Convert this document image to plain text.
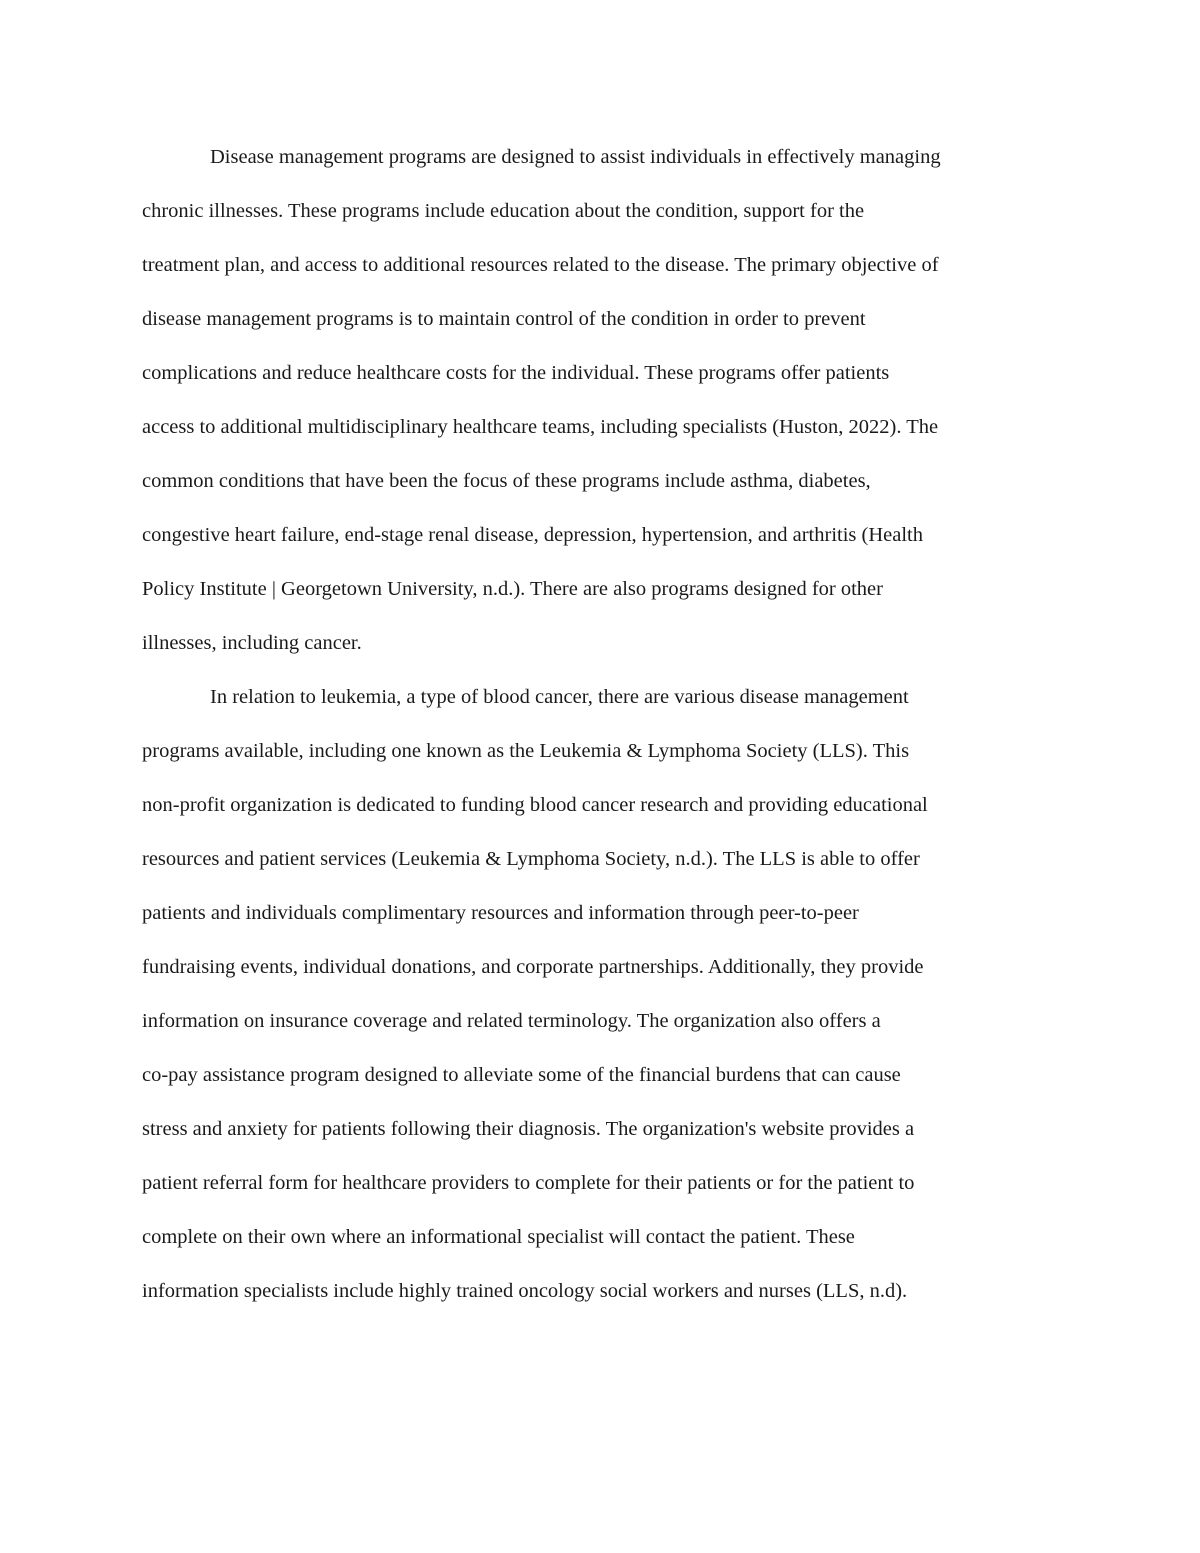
Disease management programs are designed to assist individuals in effectively managing
chronic illnesses. These programs include education about the condition, support for the
treatment plan, and access to additional resources related to the disease. The primary objective of
disease management programs is to maintain control of the condition in order to prevent
complications and reduce healthcare costs for the individual. These programs offer patients
access to additional multidisciplinary healthcare teams, including specialists (Huston, 2022). The
common conditions that have been the focus of these programs include asthma, diabetes,
congestive heart failure, end-stage renal disease, depression, hypertension, and arthritis (Health
Policy Institute | Georgetown University, n.d.). There are also programs designed for other
illnesses, including cancer.
In relation to leukemia, a type of blood cancer, there are various disease management
programs available, including one known as the Leukemia & Lymphoma Society (LLS). This
non-profit organization is dedicated to funding blood cancer research and providing educational
resources and patient services (Leukemia & Lymphoma Society, n.d.). The LLS is able to offer
patients and individuals complimentary resources and information through peer-to-peer
fundraising events, individual donations, and corporate partnerships. Additionally, they provide
information on insurance coverage and related terminology. The organization also offers a
co-pay assistance program designed to alleviate some of the financial burdens that can cause
stress and anxiety for patients following their diagnosis. The organization's website provides a
patient referral form for healthcare providers to complete for their patients or for the patient to
complete on their own where an informational specialist will contact the patient. These
information specialists include highly trained oncology social workers and nurses (LLS, n.d).
